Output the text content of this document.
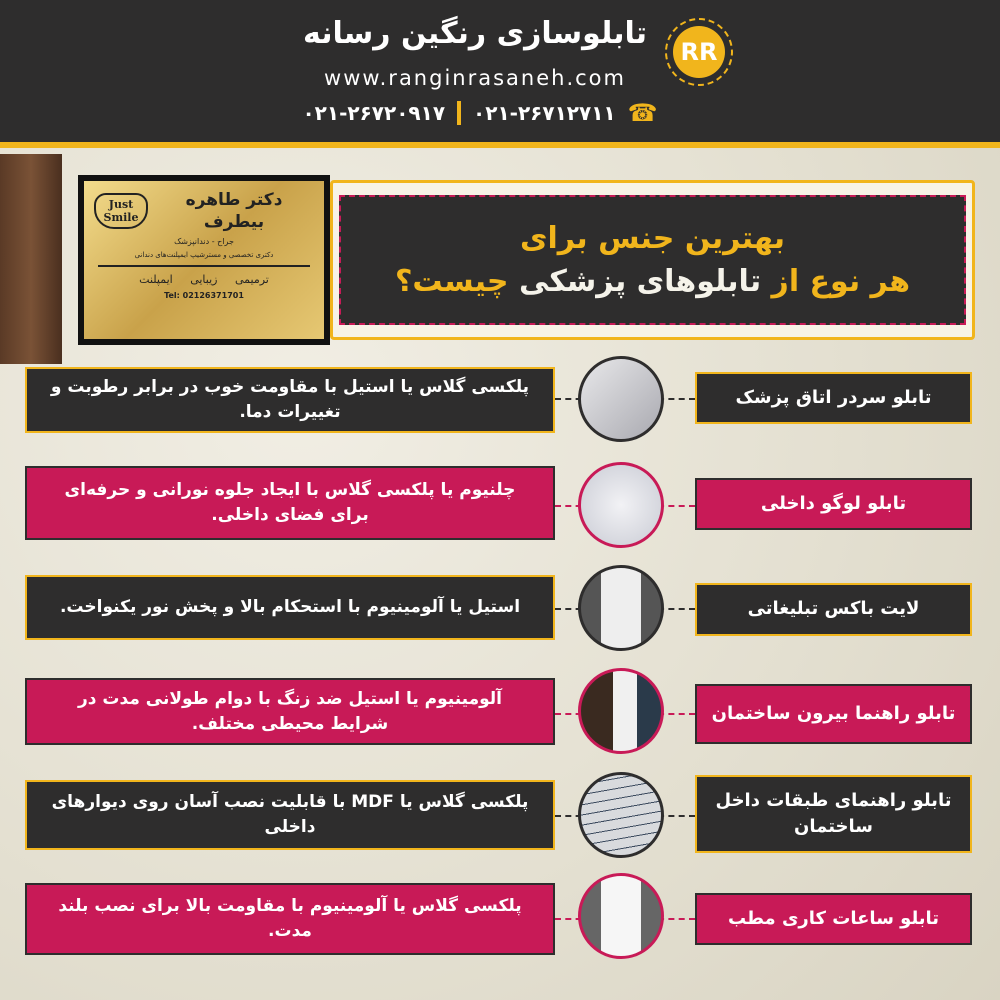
RR
تابلوسازی رنگین رسانه
www.ranginrasaneh.com
۰۲۱-۲۶۷۲۰۹۱۷ ۰۲۱-۲۶۷۱۲۷۱۱ ☎
دکتر طاهره بیطرف
Just Smile
جراح - دندانپزشک
دکتری تخصصی و مسترشیپ ایمپلنت‌های دندانی
ترمیمی زیبایی ایمپلنت
Tel: 02126371701
بهترین جنس برای
هر نوع از تابلوهای پزشکی چیست؟
پلکسی گلاس یا استیل با مقاومت خوب در برابر رطوبت و تغییرات دما.
تابلو سردر اتاق پزشک
چلنیوم یا پلکسی گلاس با ایجاد جلوه نورانی و حرفه‌ای برای فضای داخلی.
تابلو لوگو داخلی
استیل یا آلومینیوم با استحکام بالا و پخش نور یکنواخت.	لایت باکس تبلیغاتی
آلومینیوم یا استیل ضد زنگ با دوام طولانی مدت در شرایط محیطی مختلف.	تابلو راهنما بیرون ساختمان
پلکسی گلاس یا MDF با قابلیت نصب آسان روی دیوارهای داخلی
تابلو راهنمای طبقات داخل ساختمان
پلکسی گلاس یا آلومینیوم با مقاومت بالا برای نصب بلند مدت.
تابلو ساعات کاری مطب
